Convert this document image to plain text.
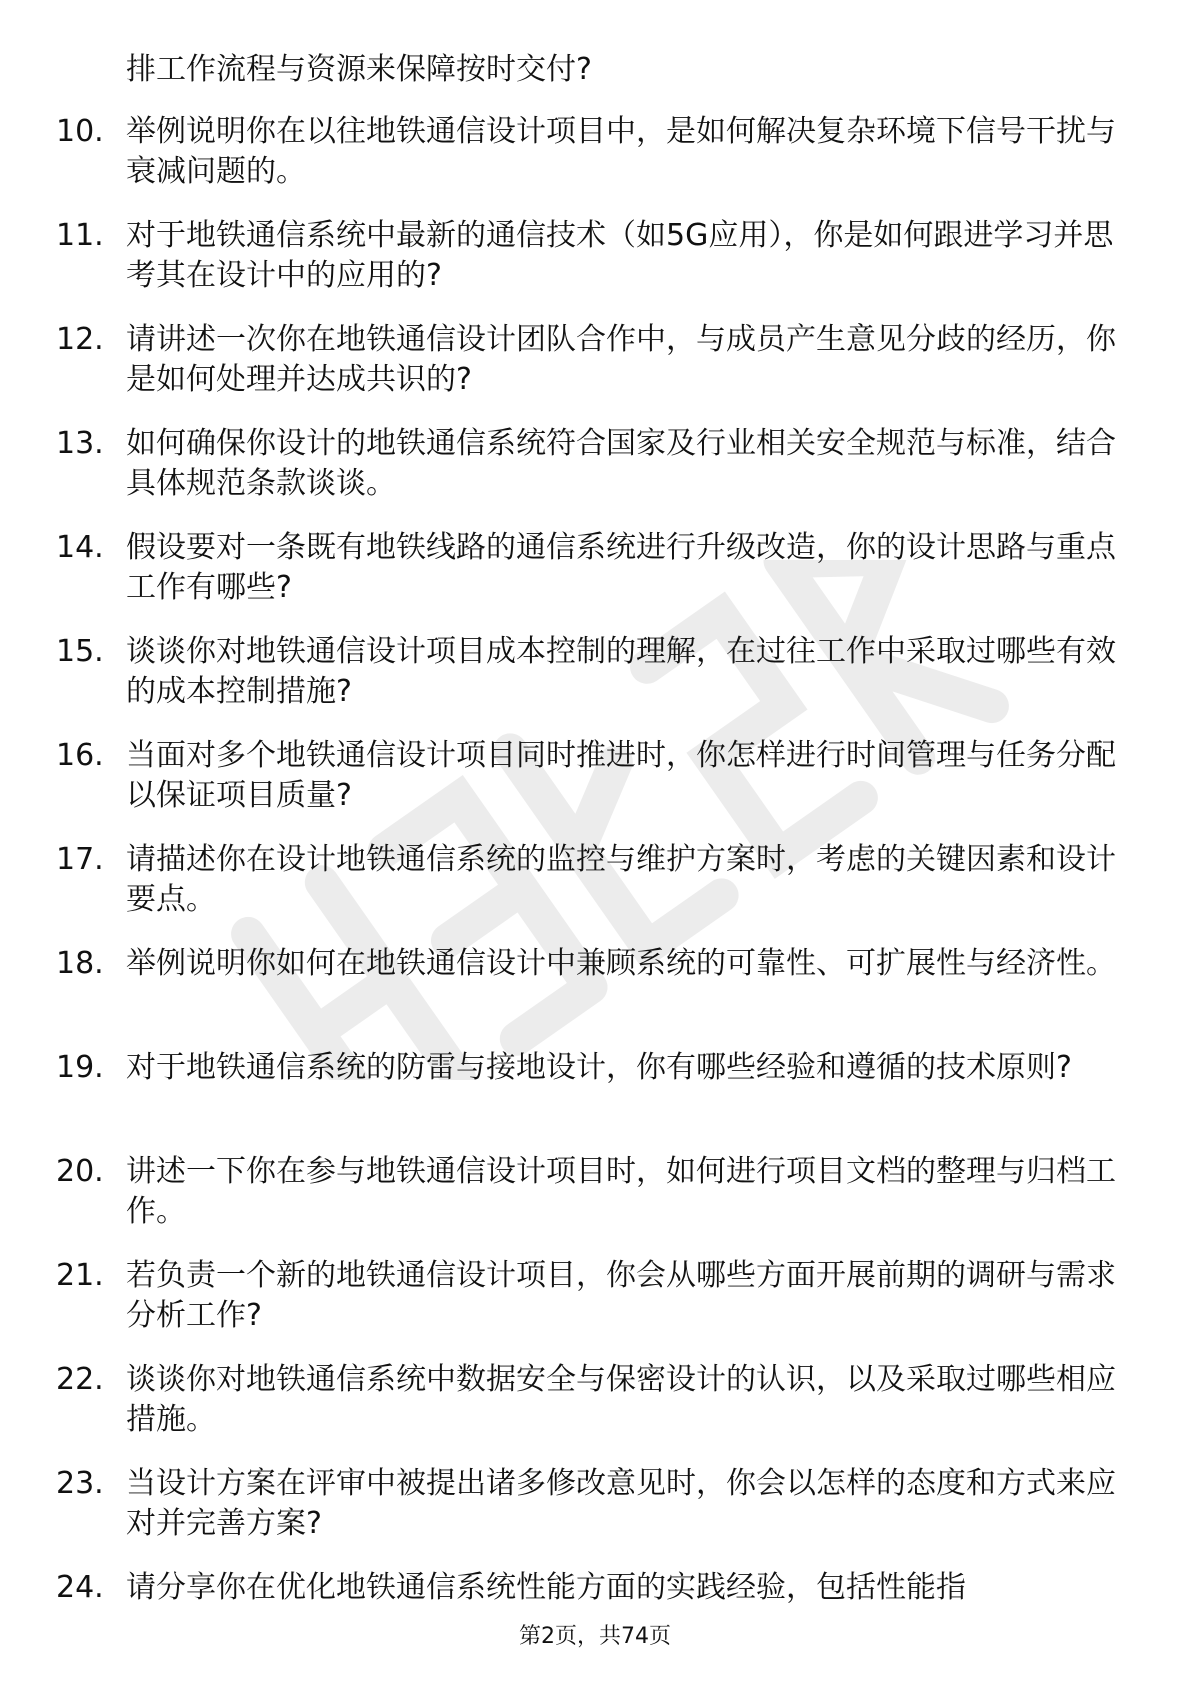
排工作流程与资源来保障按时交付?
10. 举例说明你在以往地铁通信设计项目中，是如何解决复杂环境下信号干扰与衰减问题的。
11. 对于地铁通信系统中最新的通信技术（如5G应用），你是如何跟进学习并思考其在设计中的应用的?
12. 请讲述一次你在地铁通信设计团队合作中，与成员产生意见分歧的经历，你是如何处理并达成共识的?
13. 如何确保你设计的地铁通信系统符合国家及行业相关安全规范与标准，结合具体规范条款谈谈。
14. 假设要对一条既有地铁线路的通信系统进行升级改造，你的设计思路与重点工作有哪些?
15. 谈谈你对地铁通信设计项目成本控制的理解，在过往工作中采取过哪些有效的成本控制措施?
16. 当面对多个地铁通信设计项目同时推进时，你怎样进行时间管理与任务分配以保证项目质量?
17. 请描述你在设计地铁通信系统的监控与维护方案时，考虑的关键因素和设计要点。
18. 举例说明你如何在地铁通信设计中兼顾系统的可靠性、可扩展性与经济性。
19. 对于地铁通信系统的防雷与接地设计，你有哪些经验和遵循的技术原则?
20. 讲述一下你在参与地铁通信设计项目时，如何进行项目文档的整理与归档工作。
21. 若负责一个新的地铁通信设计项目，你会从哪些方面开展前期的调研与需求分析工作?
22. 谈谈你对地铁通信系统中数据安全与保密设计的认识，以及采取过哪些相应措施。
23. 当设计方案在评审中被提出诸多修改意见时，你会以怎样的态度和方式来应对并完善方案?
24. 请分享你在优化地铁通信系统性能方面的实践经验，包括性能指
第2页，共74页
